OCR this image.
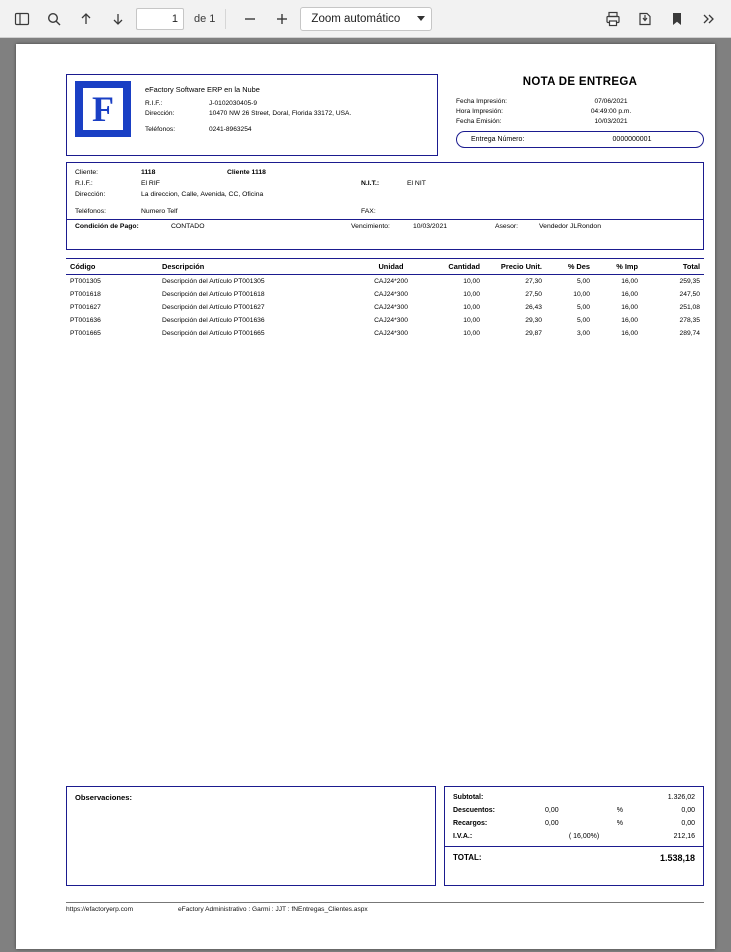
1
de 1	Zoom automático
F	eFactory Software ERP en la Nube
R.I.F.:	J-0102030405-9
Dirección:	10470 NW 26 Street, Doral, Florida 33172, USA.
Teléfonos:	0241-8963254
NOTA DE ENTREGA
Fecha Impresión:	07/06/2021
Hora Impresión:	04:49:00 p.m.
Fecha Emisión:	10/03/2021
Entrega Número:	0000000001
Cliente:	1118	Cliente 1118
R.I.F.:	El RIF	N.I.T.:	El NIT
Dirección:	La direccion, Calle, Avenida, CC, Oficina
Teléfonos:	Numero Telf	FAX:
Condición de Pago:	CONTADO	Vencimiento:	10/03/2021	Asesor:	Vendedor JLRondon
Código	Descripción	Unidad	Cantidad	Precio Unit.	% Des	% Imp	Total
PT001305	Descripción del Artículo PT001305	CAJ24*200	10,00	27,30	5,00	16,00	259,35
PT001618	Descripción del Artículo PT001618	CAJ24*300	10,00	27,50	10,00	16,00	247,50
PT001627	Descripción del Artículo PT001627	CAJ24*300	10,00	26,43	5,00	16,00	251,08
PT001636	Descripción del Artículo PT001636	CAJ24*300	10,00	29,30	5,00	16,00	278,35
PT001665	Descripción del Artículo PT001665	CAJ24*300	10,00	29,87	3,00	16,00	289,74
Observaciones:	Subtotal:	1.326,02
Descuentos:	0,00	%	0,00
Recargos:	0,00	%	0,00
I.V.A.:	( 16,00%)	212,16
TOTAL:	1.538,18
https://efactoryerp.com	eFactory Administrativo : Garmi : JJT : fNEntregas_Clientes.aspx
